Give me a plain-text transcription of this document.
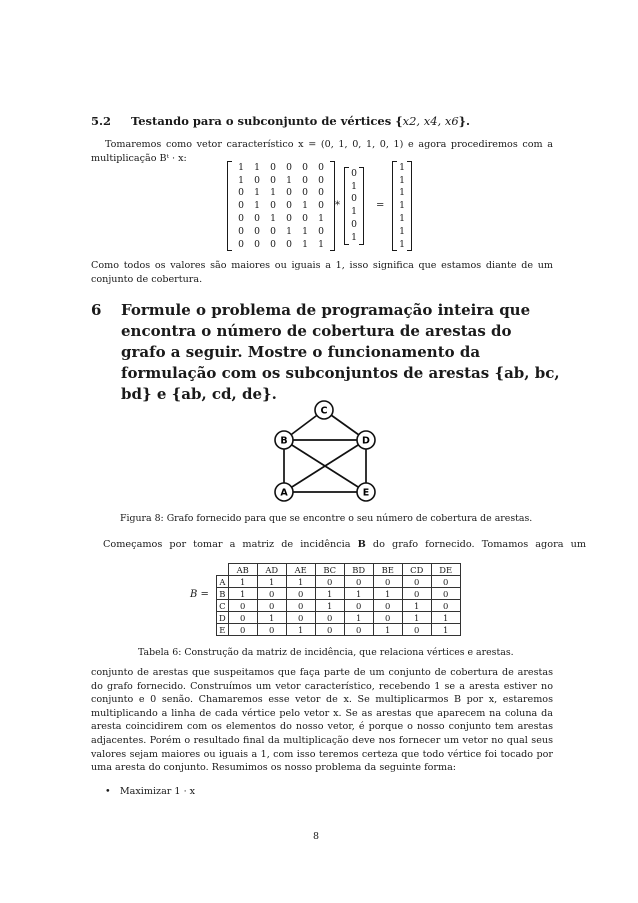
5.2 Testando para o subconjunto de vértices {x2, x4, x6}.
Tomaremos como vetor característico x = (0, 1, 0, 1, 0, 1) e agora procediremos com a multiplicação Bᵗ · x:
1	1	0	0	0	0
1	0	0	1	0	0
0	1	1	0	0	0
0	1	0	0	1	0
0	0	1	0	0	1
0	0	0	1	1	0
0	0	0	0	1	1
0
1
0
1
0
1
*	=
1
1
1
1
1
1
1
Como todos os valores são maiores ou iguais a 1, isso significa que estamos diante de um conjunto de cobertura.
6 Formule o problema de programação inteira que encontra o número de cobertura de arestas do grafo a seguir. Mostre o funcionamento da formulação com os subconjuntos de arestas {ab, bc, bd} e {ab, cd, de}.
C
B	D
A	E
Figura 8: Grafo fornecido para que se encontre o seu número de cobertura de arestas.
Começamos por tomar a matriz de incidência B do grafo fornecido. Tomamos agora um
B =
	AB	AD	AE	BC	BD	BE	CD	DE
A	1	1	1	0	0	0	0	0
B	1	0	0	1	1	1	0	0
C	0	0	0	1	0	0	1	0
D	0	1	0	0	1	0	1	1
E	0	0	1	0	0	1	0	1
Tabela 6: Construção da matriz de incidência, que relaciona vértices e arestas.
conjunto de arestas que suspeitamos que faça parte de um conjunto de cobertura de arestas do grafo fornecido. Construímos um vetor característico, recebendo 1 se a aresta estiver no conjunto e 0 senão. Chamaremos esse vetor de x. Se multiplicarmos B por x, estaremos multiplicando a linha de cada vértice pelo vetor x. Se as arestas que aparecem na coluna da aresta coincidirem com os elementos do nosso vetor, é porque o nosso conjunto tem arestas adjacentes. Porém o resultado final da multiplicação deve nos fornecer um vetor no qual seus valores sejam maiores ou iguais a 1, com isso teremos certeza que todo vértice foi tocado por uma aresta do conjunto. Resumimos os nosso problema da seguinte forma:
• Maximizar 1 · x
8
